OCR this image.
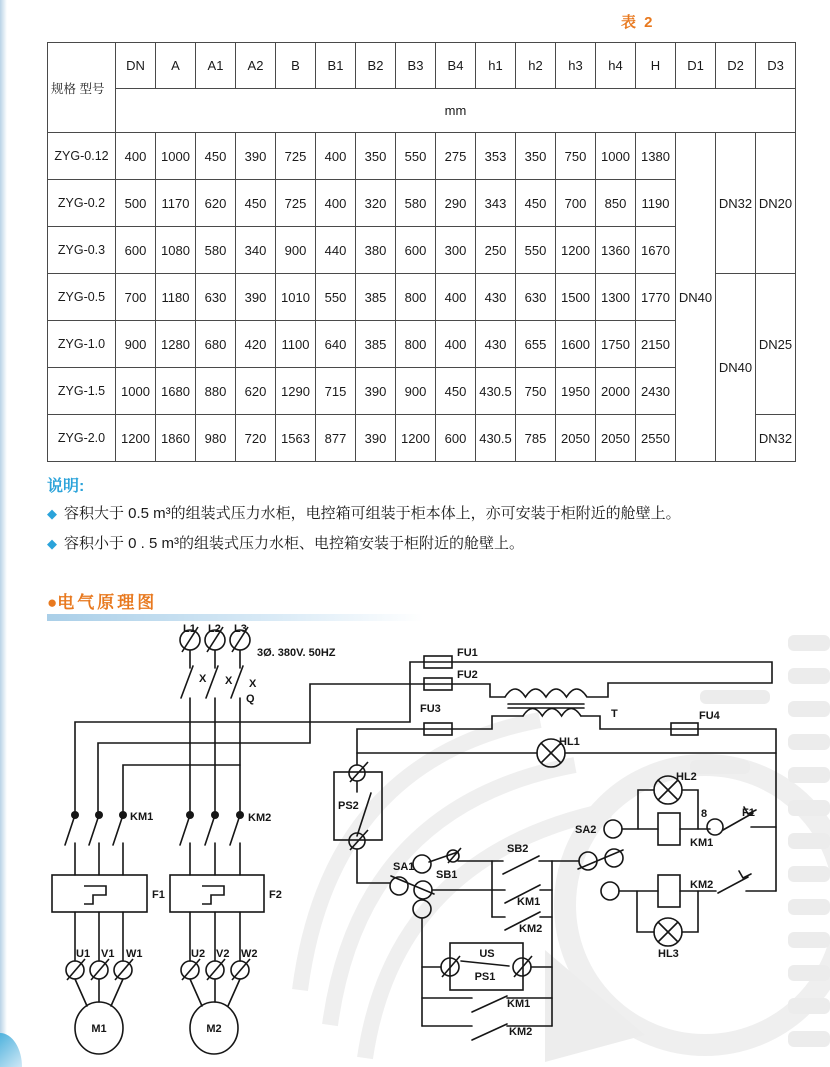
表 2
规格 型号	DN	A	A1	A2	B	B1	B2	B3	B4	h1	h2	h3	h4	H	D1	D2	D3
	mm																
ZYG-0.12	400	1000	450	390	725	400	350	550	275	353	350	750	1000	1380	DN40	DN32	DN20
ZYG-0.2	500	1170	620	450	725	400	320	580	290	343	450	700	850	1190			
ZYG-0.3	600	1080	580	340	900	440	380	600	300	250	550	1200	1360	1670			
ZYG-0.5	700	1180	630	390	1010	550	385	800	400	430	630	1500	1300	1770		DN40	DN25
ZYG-1.0	900	1280	680	420	1100	640	385	800	400	430	655	1600	1750	2150			
ZYG-1.5	1000	1680	880	620	1290	715	390	900	450	430.5	750	1950	2000	2430			
ZYG-2.0	1200	1860	980	720	1563	877	390	1200	600	430.5	785	2050	2050	2550			DN32
说明:
◆ 容积大于 0.5 m³的组装式压力水柜，电控箱可组装于柜本体上，亦可安装于柜附近的舱壁上。
◆ 容积小于 0 . 5 m³的组装式压力水柜、电控箱安装于柜附近的舱壁上。
●电气原理图
L1 L2 L3
3Ø. 380V. 50HZ
X X X
Q
FU1
FU2
FU3
FU4
T
HL1
PS2
SA1
SB1
SB2
KM1
KM2
SA2
HL2
8	F1
KM1
KM2
HL3
US
PS1
KM1
KM2
KM1	KM2
F1	F2
U1 V1 W1	U2 V2 W2
M1	M2
